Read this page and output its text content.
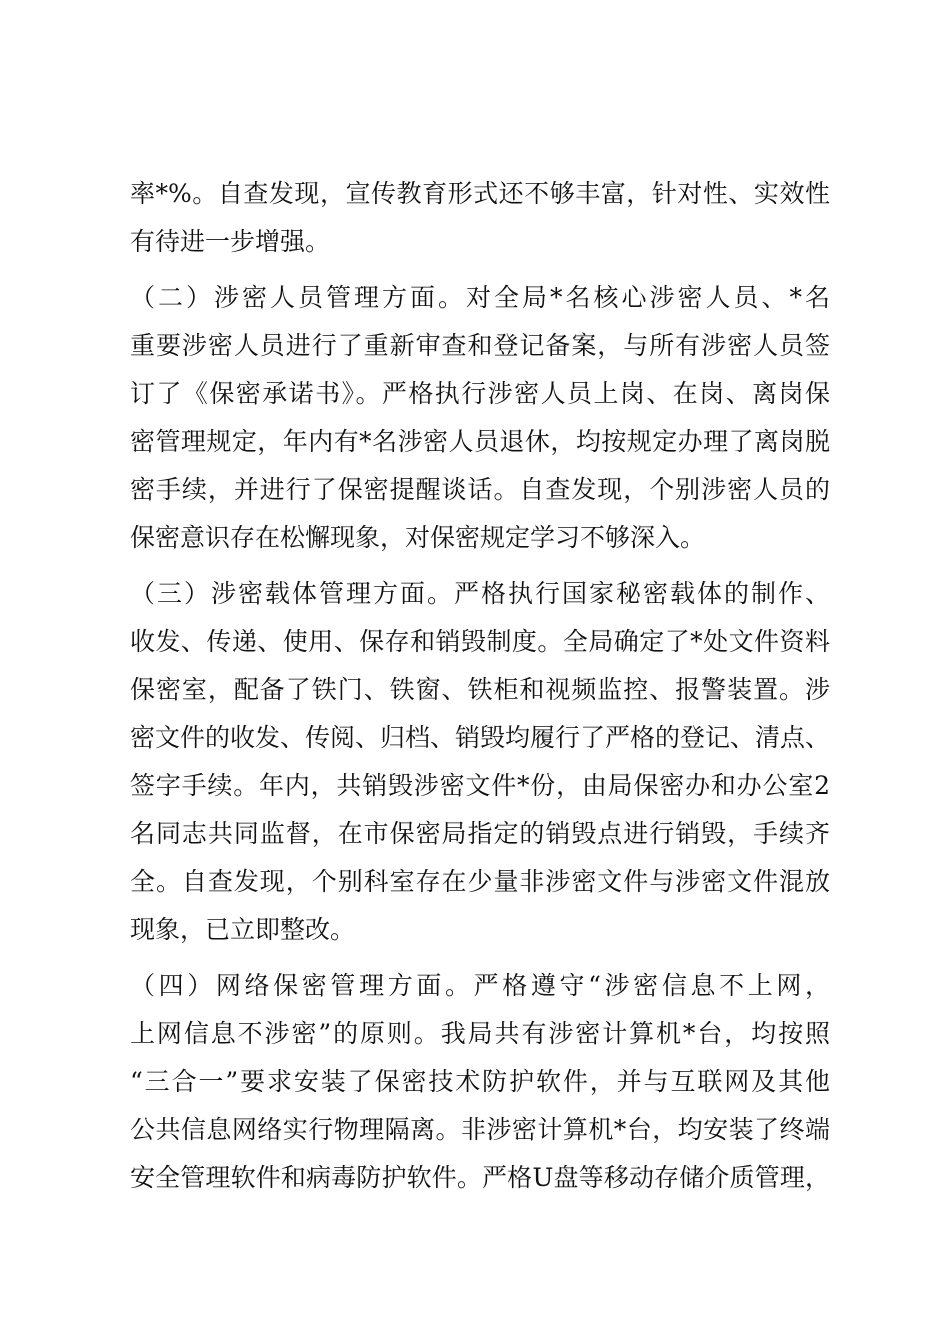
率*%。自查发现，宣传教育形式还不够丰富，针对性、实效性
有待进一步增强。
（二）涉密人员管理方面。对全局*名核心涉密人员、*名
重要涉密人员进行了重新审查和登记备案，与所有涉密人员签
订了《保密承诺书》。严格执行涉密人员上岗、在岗、离岗保
密管理规定，年内有*名涉密人员退休，均按规定办理了离岗脱
密手续，并进行了保密提醒谈话。自查发现，个别涉密人员的
保密意识存在松懈现象，对保密规定学习不够深入。
（三）涉密载体管理方面。严格执行国家秘密载体的制作、
收发、传递、使用、保存和销毁制度。全局确定了*处文件资料
保密室，配备了铁门、铁窗、铁柜和视频监控、报警装置。涉
密文件的收发、传阅、归档、销毁均履行了严格的登记、清点、
签字手续。年内，共销毁涉密文件*份，由局保密办和办公室2
名同志共同监督，在市保密局指定的销毁点进行销毁，手续齐
全。自查发现，个别科室存在少量非涉密文件与涉密文件混放
现象，已立即整改。
（四）网络保密管理方面。严格遵守“涉密信息不上网，
上网信息不涉密”的原则。我局共有涉密计算机*台，均按照
“三合一”要求安装了保密技术防护软件，并与互联网及其他
公共信息网络实行物理隔离。非涉密计算机*台，均安装了终端
安全管理软件和病毒防护软件。严格U盘等移动存储介质管理，
